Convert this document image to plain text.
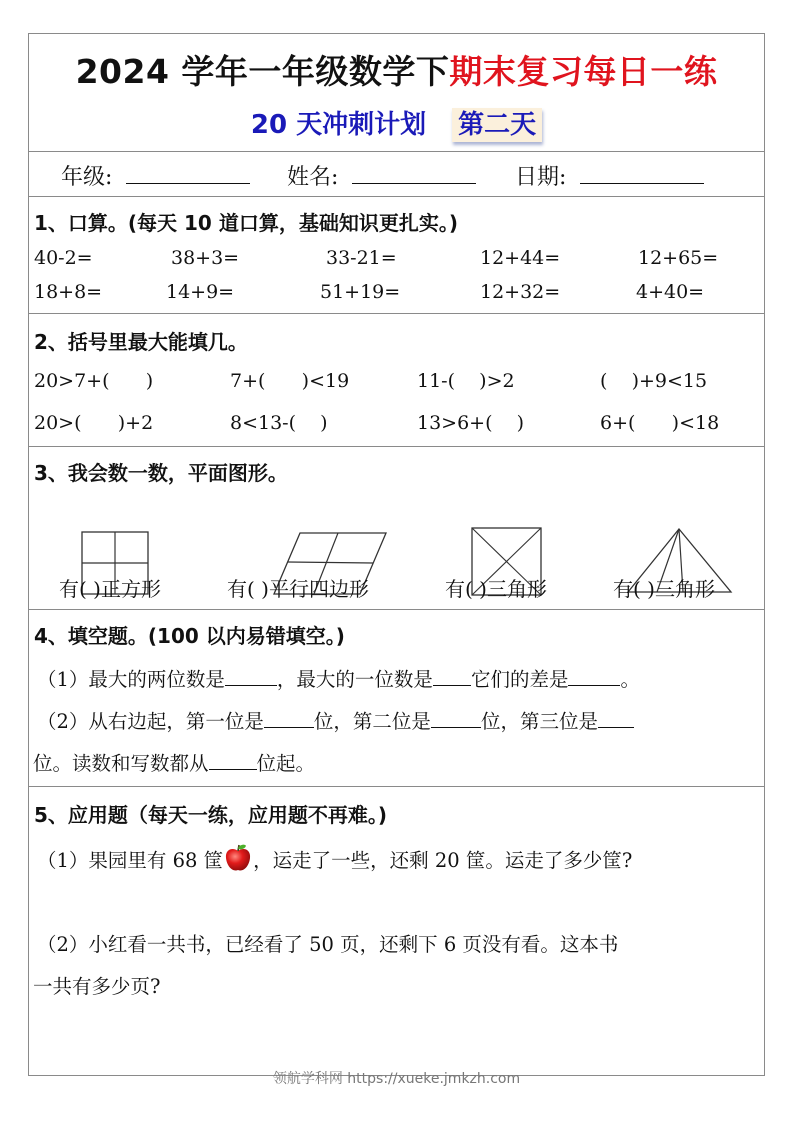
2024 学年一年级数学下期末复习每日一练
20 天冲刺计划 第二天
年级:	姓名:	日期:
1、口算。(每天 10 道口算，基础知识更扎实。)
40-2=	38+3=	33-21=	12+44=	12+65=
18+8=	14+9=	51+19=	12+32=	4+40=
2、括号里最大能填几。
20>7+(      )	7+(      )<19	11-(    )>2	(    )+9<15
20>(      )+2	8<13-(    )	13>6+(    )	6+(      )<18
3、我会数一数，平面图形。
有( )正方形	有( )平行四边形	有( )三角形	有( )三角形
4、填空题。(100 以内易错填空。)
（1）最大的两位数是	，最大的一位数是 它们的差是	。
（2）从右边起，第一位是	位，第二位是	位，第三位是
位。读数和写数都从 位起。
5、应用题（每天一练，应用题不再难。)
（1）果园里有 68 筐 ，运走了一些，还剩 20 筐。运走了多少筐?
（2）小红看一共书，已经看了 50 页，还剩下 6 页没有看。这本书
一共有多少页?
领航学科网 https://xueke.jmkzh.com
